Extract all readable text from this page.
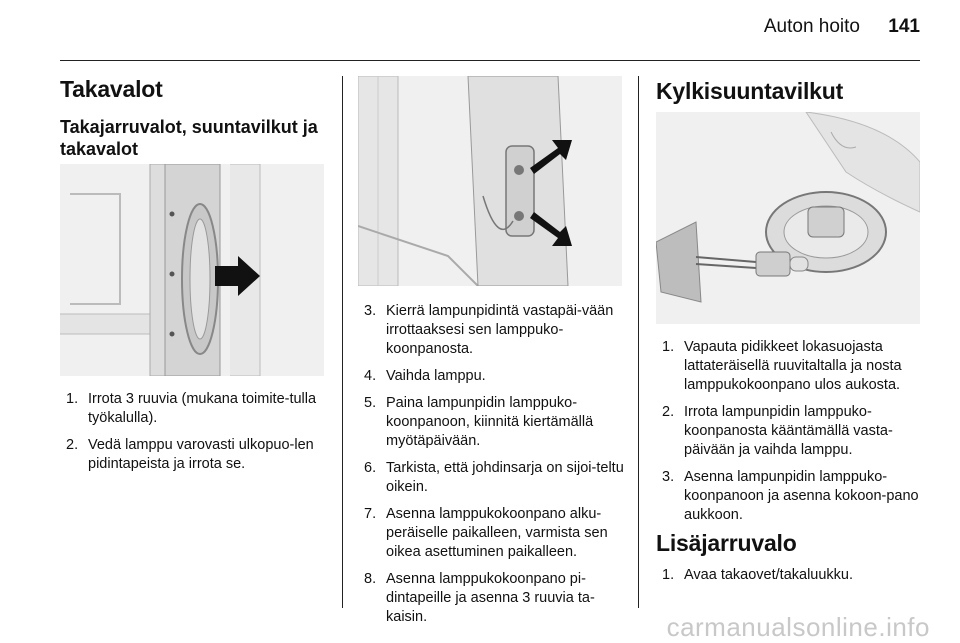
Auton hoito	141
Takavalot
Takajarruvalot, suuntavilkut ja takavalot
1. Irrota 3 ruuvia (mukana toimite-tulla työkalulla).
2. Vedä lamppu varovasti ulkopuo-len pidintapeista ja irrota se.
3. Kierrä lampunpidintä vastapäi-vään irrottaaksesi sen lamppuko-koonpanosta.
4. Vaihda lamppu.
5. Paina lampunpidin lamppuko-koonpanoon, kiinnitä kiertämällä myötäpäivään.
6. Tarkista, että johdinsarja on sijoi-teltu oikein.
7. Asenna lamppukokoonpano alku-peräiselle paikalleen, varmista sen oikea asettuminen paikalleen.
8. Asenna lamppukokoonpano pi-dintapeille ja asenna 3 ruuvia ta-kaisin.
Kylkisuuntavilkut
1. Vapauta pidikkeet lokasuojasta lattateräisellä ruuvitaltalla ja nosta lamppukokoonpano ulos aukosta.
2. Irrota lampunpidin lamppuko-koonpanosta kääntämällä vasta-päivään ja vaihda lamppu.
3. Asenna lampunpidin lamppuko-koonpanoon ja asenna kokoon-pano aukkoon.
Lisäjarruvalo
1. Avaa takaovet/takaluukku.
carmanualsonline.info
